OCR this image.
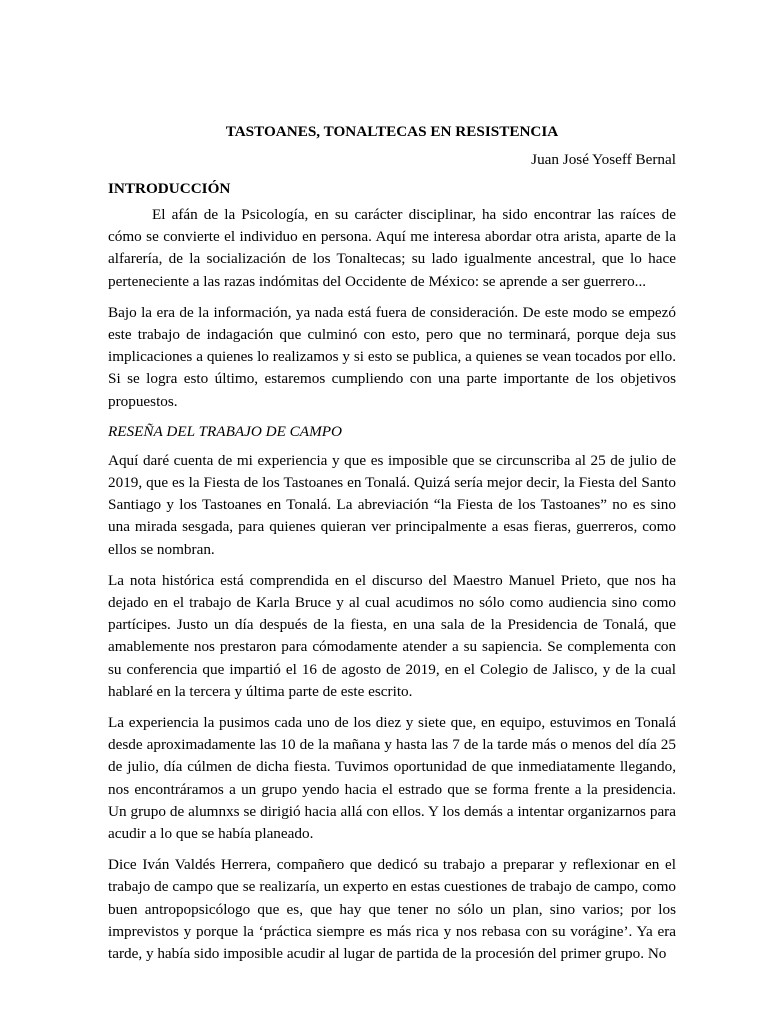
TASTOANES, TONALTECAS EN RESISTENCIA
Juan José Yoseff Bernal
INTRODUCCIÓN

El afán de la Psicología, en su carácter disciplinar, ha sido encontrar las raíces de cómo se convierte el individuo en persona. Aquí me interesa abordar otra arista, aparte de la alfarería, de la socialización de los Tonaltecas; su lado igualmente ancestral, que lo hace perteneciente a las razas indómitas del Occidente de México: se aprende a ser guerrero...

Bajo la era de la información, ya nada está fuera de consideración. De este modo se empezó este trabajo de indagación que culminó con esto, pero que no terminará, porque deja sus implicaciones a quienes lo realizamos y si esto se publica, a quienes se vean tocados por ello. Si se logra esto último, estaremos cumpliendo con una parte importante de los objetivos propuestos.

RESEÑA DEL TRABAJO DE CAMPO

Aquí daré cuenta de mi experiencia y que es imposible que se circunscriba al 25 de julio de 2019, que es la Fiesta de los Tastoanes en Tonalá. Quizá sería mejor decir, la Fiesta del Santo Santiago y los Tastoanes en Tonalá. La abreviación “la Fiesta de los Tastoanes” no es sino una mirada sesgada, para quienes quieran ver principalmente a esas fieras, guerreros, como ellos se nombran.

La nota histórica está comprendida en el discurso del Maestro Manuel Prieto, que nos ha dejado en el trabajo de Karla Bruce y al cual acudimos no sólo como audiencia sino como partícipes. Justo un día después de la fiesta, en una sala de la Presidencia de Tonalá, que amablemente nos prestaron para cómodamente atender a su sapiencia. Se complementa con su conferencia que impartió el 16 de agosto de 2019, en el Colegio de Jalisco, y de la cual hablaré en la tercera y última parte de este escrito.

La experiencia la pusimos cada uno de los diez y siete que, en equipo, estuvimos en Tonalá desde aproximadamente las 10 de la mañana y hasta las 7 de la tarde más o menos del día 25 de julio, día cúlmen de dicha fiesta. Tuvimos oportunidad de que inmediatamente llegando, nos encontráramos a un grupo yendo hacia el estrado que se forma frente a la presidencia. Un grupo de alumnxs se dirigió hacia allá con ellos. Y los demás a intentar organizarnos para acudir a lo que se había planeado.

Dice Iván Valdés Herrera, compañero que dedicó su trabajo a preparar y reflexionar en el trabajo de campo que se realizaría, un experto en estas cuestiones de trabajo de campo, como buen antropopsicólogo que es, que hay que tener no sólo un plan, sino varios; por los imprevistos y porque la ‘práctica siempre es más rica y nos rebasa con su vorágine’. Ya era tarde, y había sido imposible acudir al lugar de partida de la procesión del primer grupo. No
